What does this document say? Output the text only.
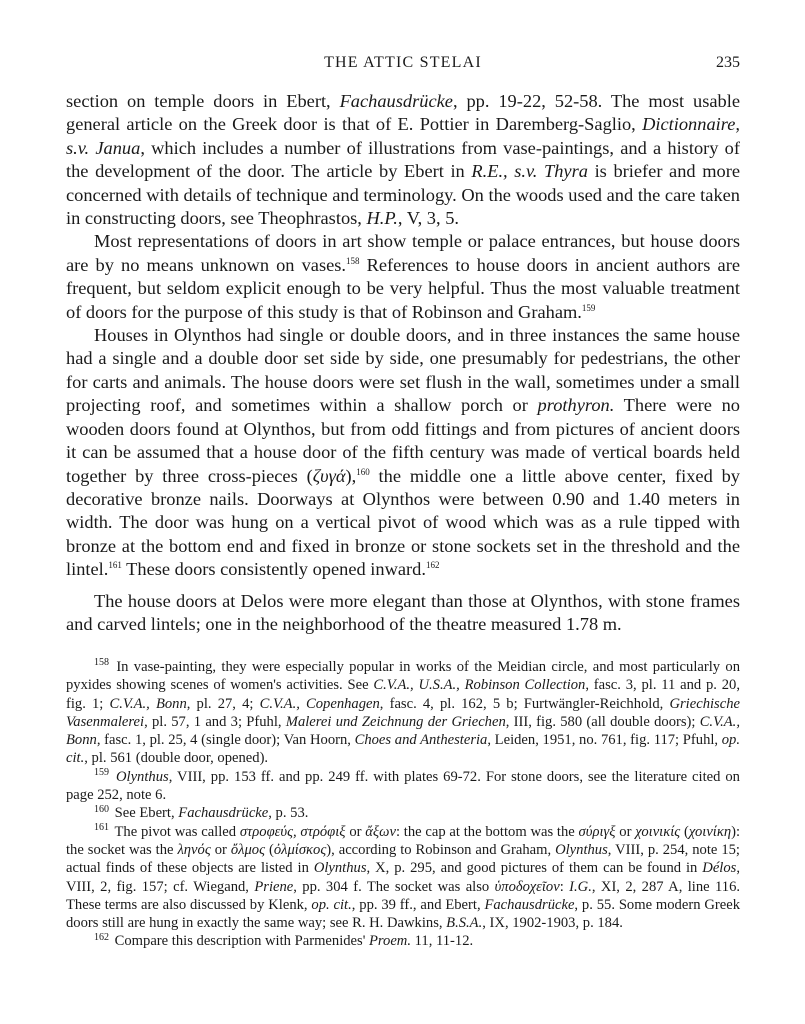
THE ATTIC STELAI	235

section on temple doors in Ebert, Fachausdrücke, pp. 19-22, 52-58. The most usable general article on the Greek door is that of E. Pottier in Daremberg-Saglio, Dictionnaire, s.v. Janua, which includes a number of illustrations from vase-paintings, and a history of the development of the door. The article by Ebert in R.E., s.v. Thyra is briefer and more concerned with details of technique and terminology. On the woods used and the care taken in constructing doors, see Theophrastos, H.P., V, 3, 5.

Most representations of doors in art show temple or palace entrances, but house doors are by no means unknown on vases.$^{158}$ References to house doors in ancient authors are frequent, but seldom explicit enough to be very helpful. Thus the most valuable treatment of doors for the purpose of this study is that of Robinson and Graham.$^{159}$

Houses in Olynthos had single or double doors, and in three instances the same house had a single and a double door set side by side, one presumably for pedestrians, the other for carts and animals. The house doors were set flush in the wall, sometimes under a small projecting roof, and sometimes within a shallow porch or prothyron. There were no wooden doors found at Olynthos, but from odd fittings and from pictures of ancient doors it can be assumed that a house door of the fifth century was made of vertical boards held together by three cross-pieces (ζυγά),$^{160}$ the middle one a little above center, fixed by decorative bronze nails. Doorways at Olynthos were between 0.90 and 1.40 meters in width. The door was hung on a vertical pivot of wood which was as a rule tipped with bronze at the bottom end and fixed in bronze or stone sockets set in the threshold and the lintel.$^{161}$ These doors consistently opened inward.$^{162}$

The house doors at Delos were more elegant than those at Olynthos, with stone frames and carved lintels; one in the neighborhood of the theatre measured 1.78 m.

$^{158}$ In vase-painting, they were especially popular in works of the Meidian circle, and most particularly on pyxides showing scenes of women's activities. See C.V.A., U.S.A., Robinson Collection, fasc. 3, pl. 11 and p. 20, fig. 1; C.V.A., Bonn, pl. 27, 4; C.V.A., Copenhagen, fasc. 4, pl. 162, 5 b; Furtwängler-Reichhold, Griechische Vasenmalerei, pl. 57, 1 and 3; Pfuhl, Malerei und Zeichnung der Griechen, III, fig. 580 (all double doors); C.V.A., Bonn, fasc. 1, pl. 25, 4 (single door); Van Hoorn, Choes and Anthesteria, Leiden, 1951, no. 761, fig. 117; Pfuhl, op. cit., pl. 561 (double door, opened).

$^{159}$ Olynthus, VIII, pp. 153 ff. and pp. 249 ff. with plates 69-72. For stone doors, see the literature cited on page 252, note 6.

$^{160}$ See Ebert, Fachausdrücke, p. 53.

$^{161}$ The pivot was called στροφεύς, στρόφιξ or ἄξων: the cap at the bottom was the σύριγξ or χοινικίς (χοινίκη): the socket was the ληνός or ὄλμος (ὀλμίσκος), according to Robinson and Graham, Olynthus, VIII, p. 254, note 15; actual finds of these objects are listed in Olynthus, X, p. 295, and good pictures of them can be found in Délos, VIII, 2, fig. 157; cf. Wiegand, Priene, pp. 304 f. The socket was also ὑποδοχεῖον: I.G., XI, 2, 287 A, line 116. These terms are also discussed by Klenk, op. cit., pp. 39 ff., and Ebert, Fachausdrücke, p. 55. Some modern Greek doors still are hung in exactly the same way; see R. H. Dawkins, B.S.A., IX, 1902-1903, p. 184.

$^{162}$ Compare this description with Parmenides' Proem. 11, 11-12.
